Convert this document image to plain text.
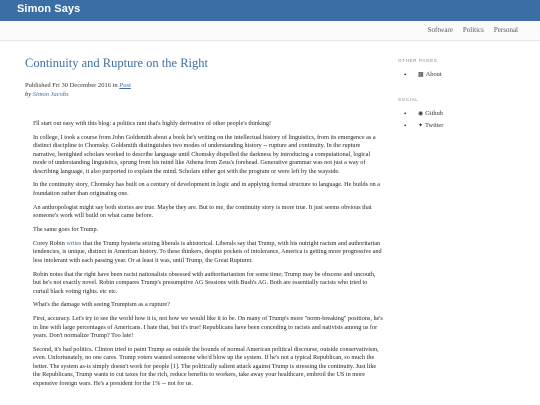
Simon Says
Software Politics Personal
Continuity and Rupture on the Right
Published Fri 30 December 2016 in Post
by Simon Jacobs

I'll start out easy with this blog: a politics rant that's highly derivative of other people's thinking!

In college, I took a course from John Goldsmith about a book he's writing on the intellectual history of linguistics, from its emergence as a distinct discipline to Chomsky. Goldsmith distinguishes two modes of understanding history -- rupture and continuity. In the rupture narrative, benighted scholars worked to describe language until Chomsky dispelled the darkness by introducing a computational, logical mode of understanding linguistics, sprung from his mind like Athena from Zeus's forehead. Generative grammar was not just a way of describing language, it also purported to explain the mind. Scholars either got with the program or were left by the wayside.

In the continuity story, Chomsky has built on a century of development in logic and in applying formal structure to language. He builds on a foundation rather than originating one.

An anthropologist might say both stories are true. Maybe they are. But to me, the continuity story is more true. It just seems obvious that someone's work will build on what came before.

The same goes for Trump.

Corey Robin writes that the Trump hysteria seizing liberals is ahistorical. Liberals say that Trump, with his outright racism and authoritarian tendencies, is unique, distinct in American history. To these thinkers, despite pockets of intolerance, America is getting more progressive and less intolerant with each passing year. Or at least it was, until Trump, the Great Rupturer.

Robin notes that the right have been racist nationalists obsessed with authoritarianism for some time; Trump may be obscene and uncouth, but he's not exactly novel. Robin compares Trump's presumptive AG Sessions with Bush's AG. Both are essentially racists who tried to curtail black voting rights. etc etc.

What's the damage with seeing Trumpism as a rupture?

First, accuracy. Let's try to see the world how it is, not how we would like it to be. On many of Trump's more "norm-breaking" positions, he's in line with large percentages of Americans. I hate that, but it's true! Republicans have been conceding to racists and nativists among us for years. Don't normalize Trump? Too late!

Second, it's bad politics. Clinton tried to paint Trump as outside the bounds of normal American political discourse, outside conservativism, even. Unfortunately, no one cares. Trump voters wanted someone who'd blow up the system. If he's not a typical Republican, so much the better. The system as-is simply doesn't work for people [1]. The politically salient attack against Trump is stressing the continuity. Just like the Republicans, Trump wants to cut taxes for the rich, reduce benefits to workers, take away your healthcare, embroil the US in more expensive foreign wars. He's a president for the 1% -- not for us.

OTHER PAGES
• ▩ About
SOCIAL
• ◉ Github
• ✦ Twitter
